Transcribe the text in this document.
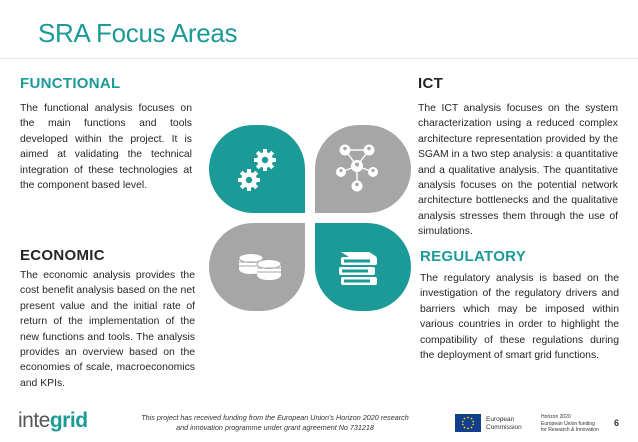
SRA Focus Areas
FUNCTIONAL
The functional analysis focuses on the main functions and tools developed within the project. It is aimed at validating the technical integration of these technologies at the component based level.
ICT
The ICT analysis focuses on the system characterization using a reduced complex architecture representation provided by the SGAM in a two step analysis: a quantitative and a qualitative analysis. The quantitative analysis focuses on the potential network architecture bottlenecks and the qualitative analysis stresses them through the use of simulations.
ECONOMIC
The economic analysis provides the cost benefit analysis based on the net present value and the initial rate of return of the implementation of the new functions and tools. The analysis provides an overview based on the economies of scale, macroeconomics and KPIs.
REGULATORY
The regulatory analysis is based on the investigation of the regulatory drivers and barriers which may be imposed within various countries in order to highlight the compatibility of these regulations during the deployment of smart grid functions.
integrid	This project has received funding from the European Union's Horizon 2020 research and innovation programme under grant agreement No 731218
European
Commission
Horizon 2020
European Union funding
for Research & Innovation
6
